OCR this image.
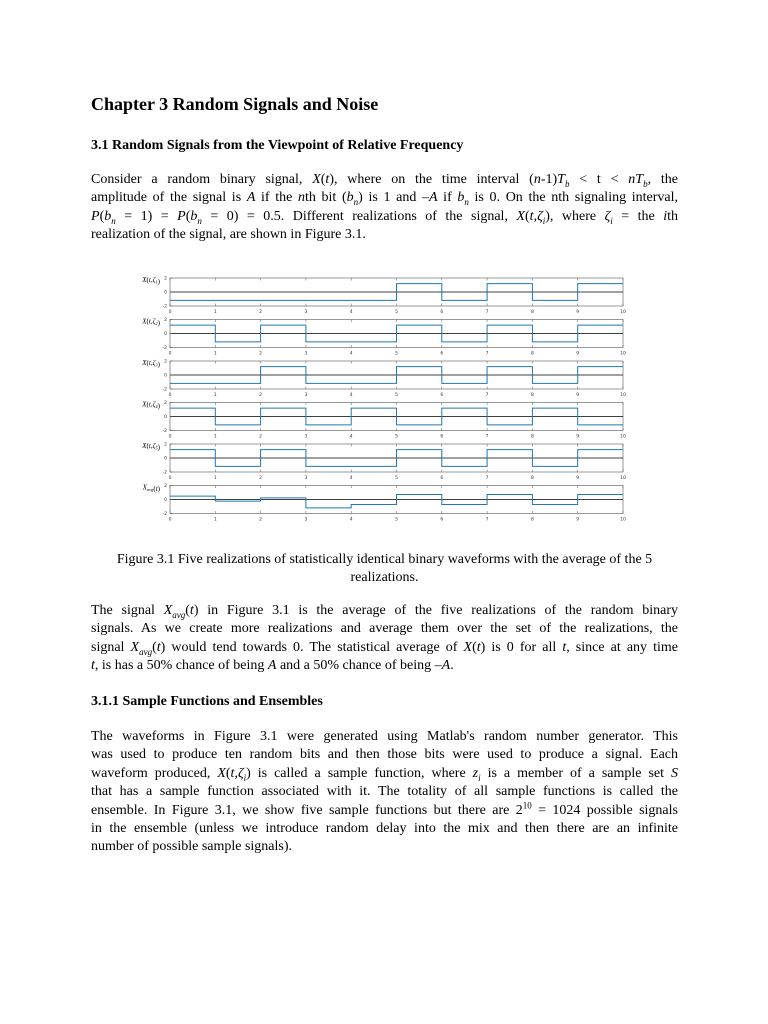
Chapter 3 Random Signals and Noise
3.1 Random Signals from the Viewpoint of Relative Frequency
Consider a random binary signal, X(t), where on the time interval $(n-1)T_b < t < nT_b$, the
amplitude of the signal is A if the nth bit $(b_n)$ is 1 and –A if $b_n$ is 0. On the nth signaling interval,
$P(b_n = 1) = P(b_n = 0) = 0.5$. Different realizations of the signal, $X(t,\zeta_i)$, where $\zeta_i$ = the ith
realization of the signal, are shown in Figure 3.1.
Figure 3.1 Five realizations of statistically identical binary waveforms with the average of the 5 realizations.
The signal $X_{avg}(t)$ in Figure 3.1 is the average of the five realizations of the random binary
signals. As we create more realizations and average them over the set of the realizations, the
signal $X_{avg}(t)$ would tend towards 0. The statistical average of X(t) is 0 for all t, since at any time
t, is has a 50% chance of being A and a 50% chance of being –A.
3.1.1 Sample Functions and Ensembles
The waveforms in Figure 3.1 were generated using Matlab's random number generator. This
was used to produce ten random bits and then those bits were used to produce a signal. Each
waveform produced, $X(t,\zeta_i)$ is called a sample function, where $z_i$ is a member of a sample set S
that has a sample function associated with it. The totality of all sample functions is called the
ensemble. In Figure 3.1, we show five sample functions but there are $2^{10} = 1024$ possible signals
in the ensemble (unless we introduce random delay into the mix and then there are an infinite
number of possible sample signals).
0	1	2	3	4	5	6	7	8	9	10
2
0
-2
$X(t,\zeta_1)$
0	1	2	3	4	5	6	7	8	9	10
2
0
-2
$X(t,\zeta_2)$
0	1	2	3	4	5	6	7	8	9	10
2
0
-2
$X(t,\zeta_3)$
0	1	2	3	4	5	6	7	8	9	10
2
0
-2
$X(t,\zeta_4)$
0	1	2	3	4	5	6	7	8	9	10
2
0
-2
$X(t,\zeta_5)$
0	1	2	3	4	5	6	7	8	9	10
2
0
-2
$X_{avg}(t)$
